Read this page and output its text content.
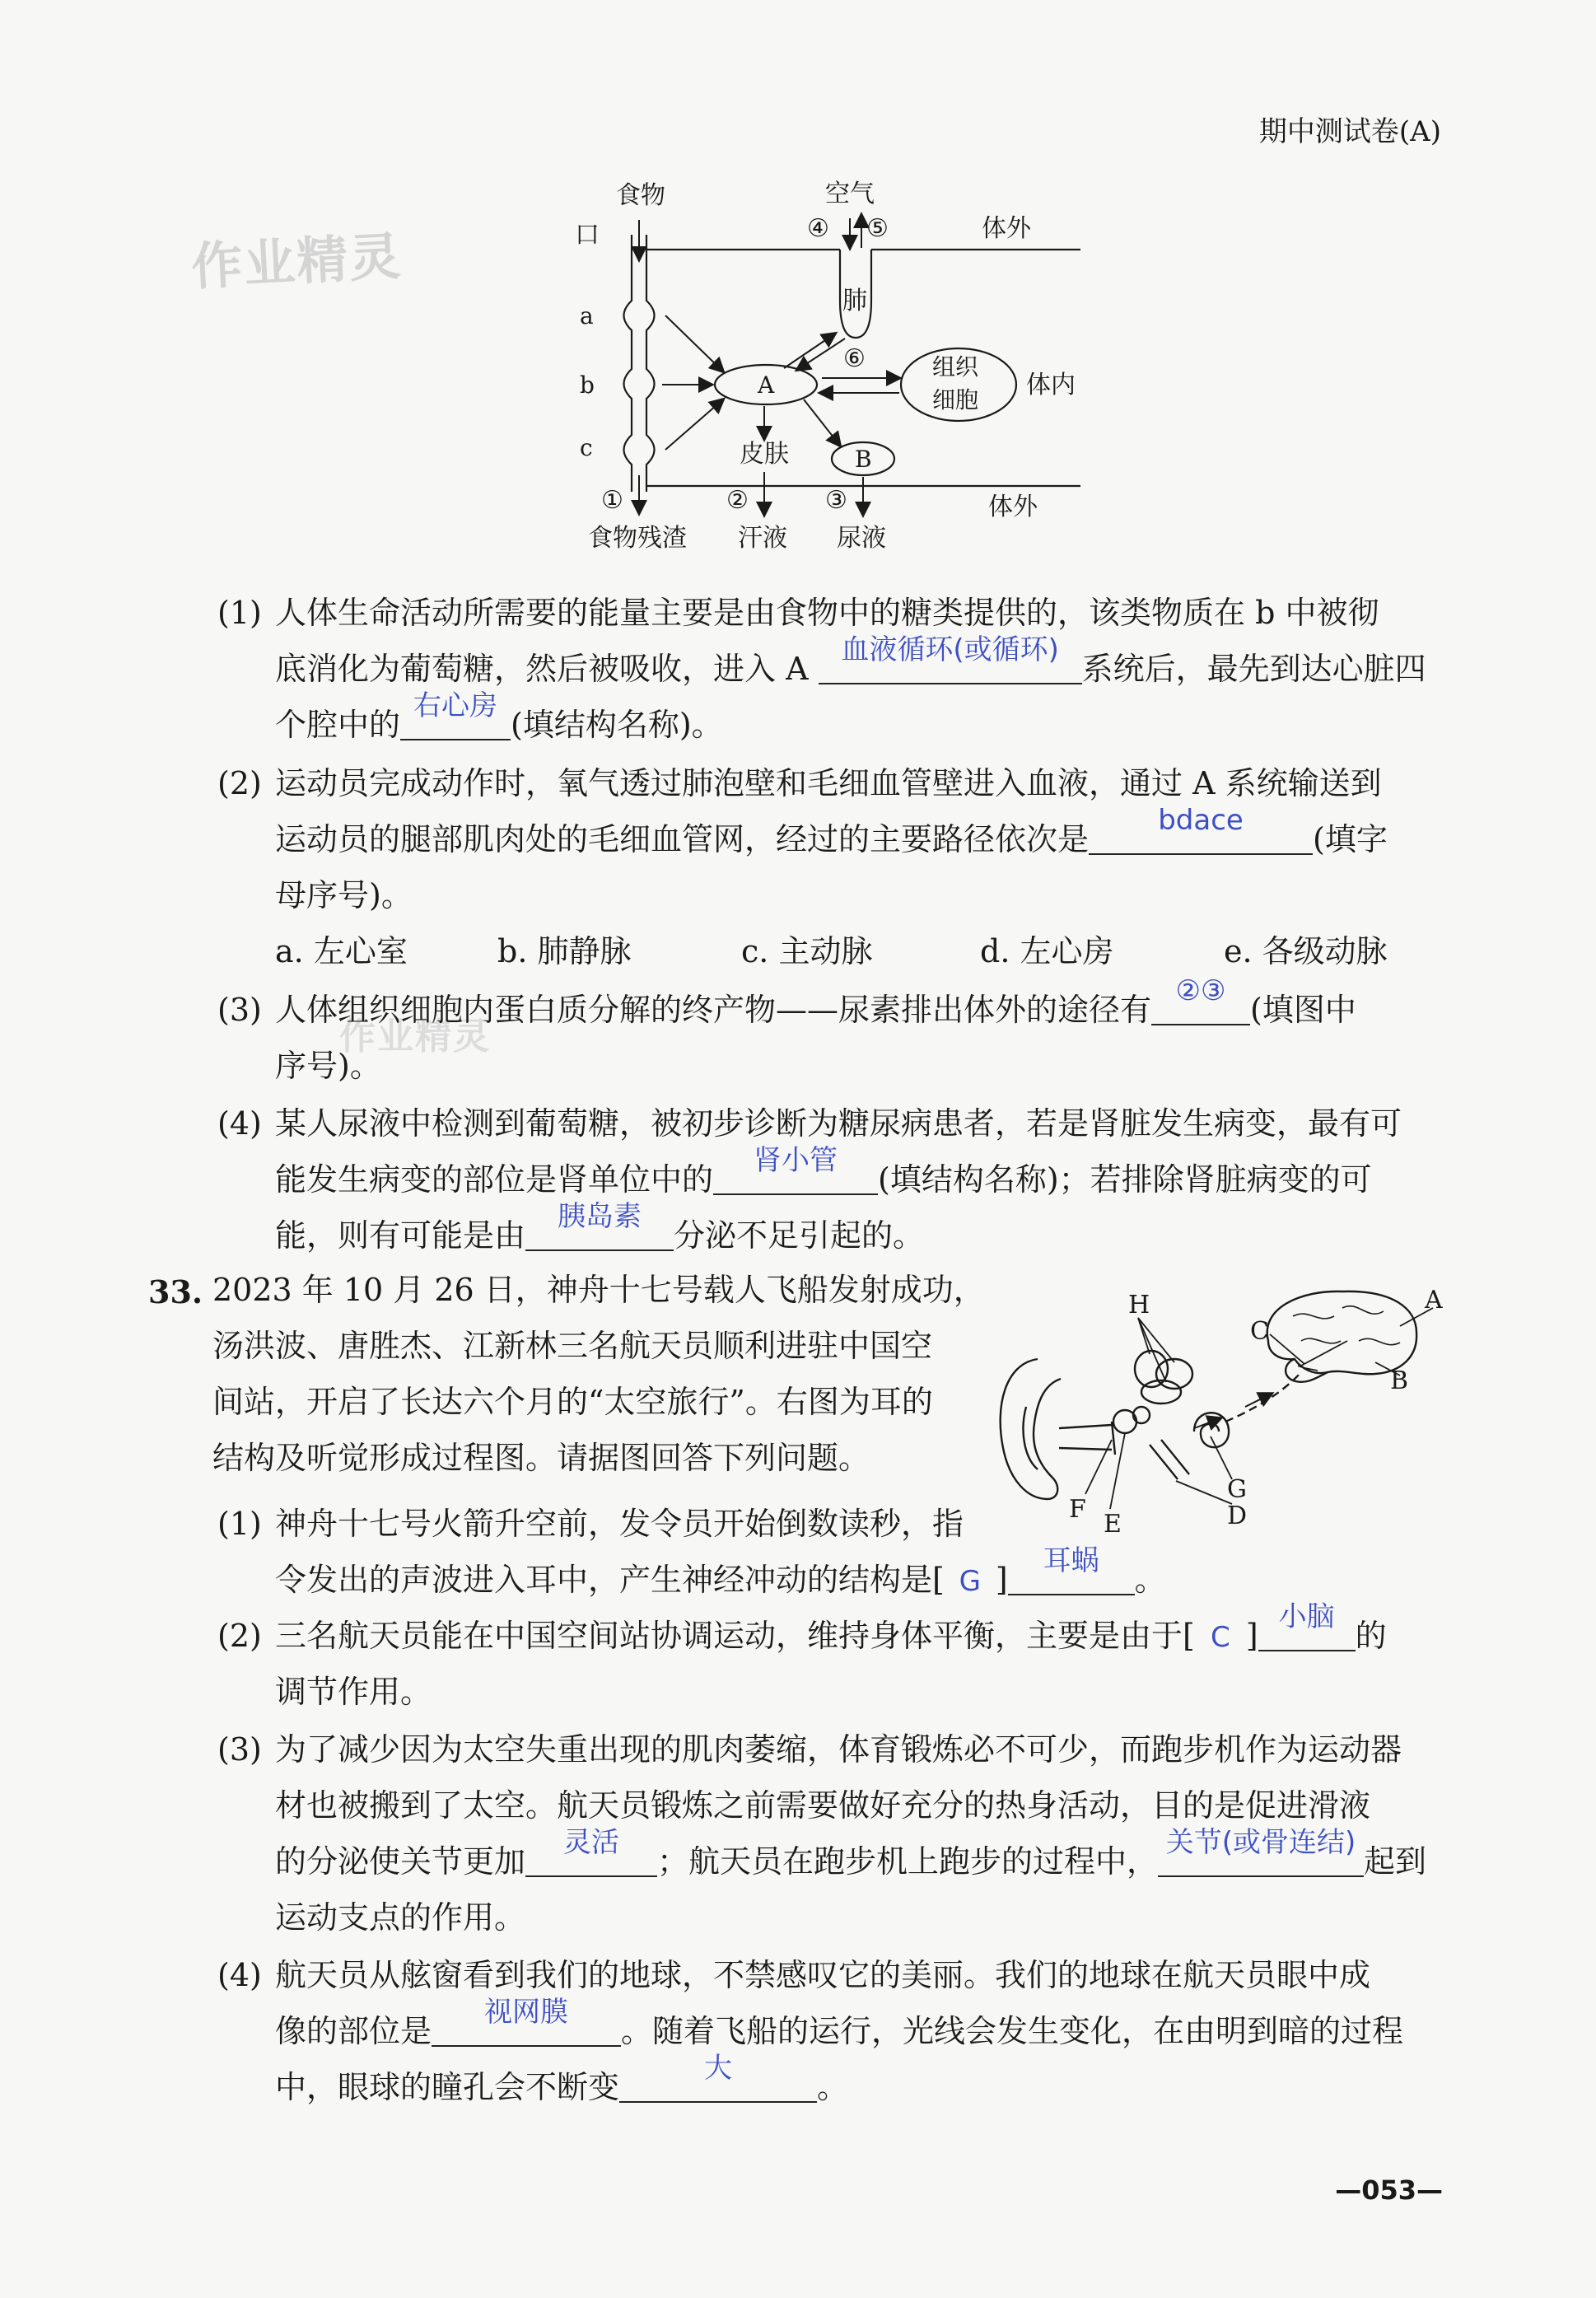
期中测试卷(A)
作业精灵
作业精灵
食物	空气
④ ⑤	体外
口
肺
a
b
c
A
⑥	组织
细胞
体内
皮肤	B
体外
①	②	③
食物残渣 汗液 尿液
(1) 人体生命活动所需要的能量主要是由食物中的糖类提供的，该类物质在 b 中被彻
底消化为葡萄糖，然后被吸收，进入 A
血液循环(或循环)
系统后，最先到达心脏四
个腔中的
右心房
(填结构名称)。
(2) 运动员完成动作时，氧气透过肺泡壁和毛细血管壁进入血液，通过 A 系统输送到
运动员的腿部肌肉处的毛细血管网，经过的主要路径依次是
bdace
(填字
母序号)。
a. 左心室	b. 肺静脉	c. 主动脉	d. 左心房	e. 各级动脉
(3) 人体组织细胞内蛋白质分解的终产物——尿素排出体外的途径有
②③
(填图中
序号)。
(4) 某人尿液中检测到葡萄糖，被初步诊断为糖尿病患者，若是肾脏发生病变，最有可
能发生病变的部位是肾单位中的
肾小管
(填结构名称)；若排除肾脏病变的可
能，则有可能是由
胰岛素
分泌不足引起的。
33. 2023 年 10 月 26 日，神舟十七号载人飞船发射成功，
汤洪波、唐胜杰、江新林三名航天员顺利进驻中国空
间站，开启了长达六个月的“太空旅行”。右图为耳的
结构及听觉形成过程图。请据图回答下列问题。
H
C
A
B
G
F
E	D
(1) 神舟十七号火箭升空前，发令员开始倒数读秒，指
令发出的声波进入耳中，产生神经冲动的结构是[ G ]
耳蜗
。
(2) 三名航天员能在中国空间站协调运动，维持身体平衡，主要是由于[ C ]
小脑
的
调节作用。
(3) 为了减少因为太空失重出现的肌肉萎缩，体育锻炼必不可少，而跑步机作为运动器
材也被搬到了太空。航天员锻炼之前需要做好充分的热身活动，目的是促进滑液
的分泌使关节更加
灵活
；航天员在跑步机上跑步的过程中，
关节(或骨连结)
起到
运动支点的作用。
(4) 航天员从舷窗看到我们的地球，不禁感叹它的美丽。我们的地球在航天员眼中成
像的部位是
视网膜
。随着飞船的运行，光线会发生变化，在由明到暗的过程
中，眼球的瞳孔会不断变
大
。
—053—
